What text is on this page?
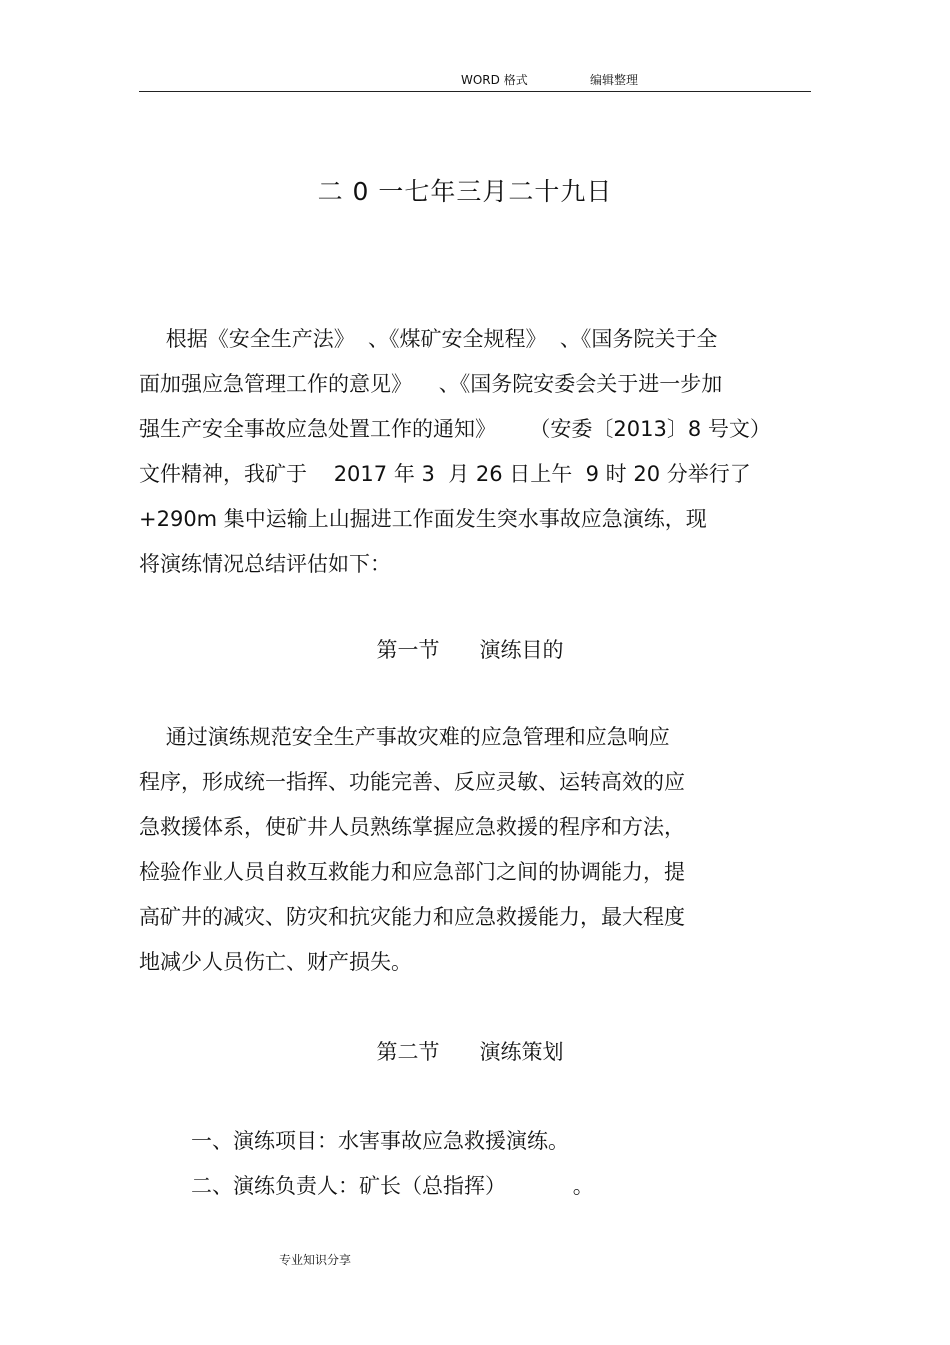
WORD 格式	编辑整理
二 0 一七年三月二十九日
根据《安全生产法》  、《煤矿安全规程》  、《国务院关于全
面加强应急管理工作的意见》    、《国务院安委会关于进一步加
强生产安全事故应急处置工作的通知》     （安委〔2013〕8 号文）
文件精神，我矿于    2017 年 3  月 26 日上午  9 时 20 分举行了
+290m 集中运输上山掘进工作面发生突水事故应急演练，现
将演练情况总结评估如下：
第一节      演练目的
通过演练规范安全生产事故灾难的应急管理和应急响应
程序，形成统一指挥、功能完善、反应灵敏、运转高效的应
急救援体系，使矿井人员熟练掌握应急救援的程序和方法，
检验作业人员自救互救能力和应急部门之间的协调能力，提
高矿井的减灾、防灾和抗灾能力和应急救援能力，最大程度
地减少人员伤亡、财产损失。
第二节      演练策划
一、演练项目：水害事故应急救援演练。
二、演练负责人：矿长（总指挥）          。
专业知识分享
